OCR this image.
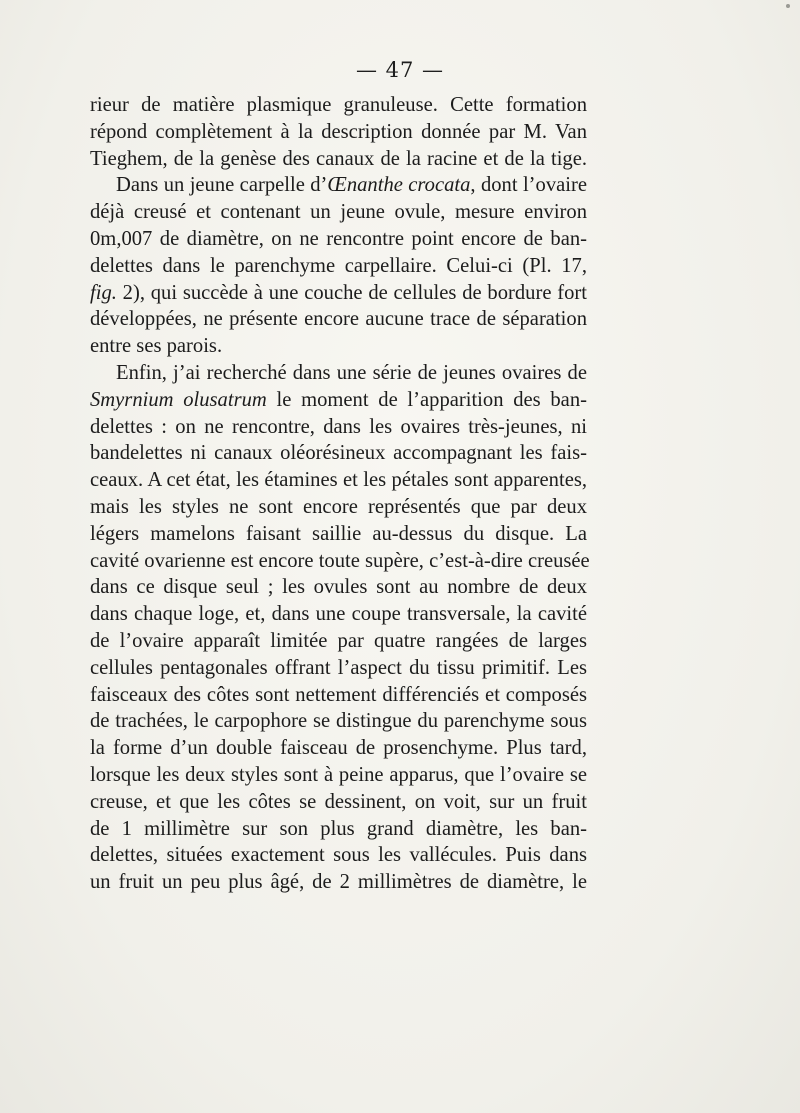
— 47 —
rieur de matière plasmique granuleuse. Cette formation
répond complètement à la description donnée par M. Van
Tieghem, de la genèse des canaux de la racine et de la tige.
Dans un jeune carpelle d’Œnanthe crocata, dont l’ovaire
déjà creusé et contenant un jeune ovule, mesure environ
0m,007 de diamètre, on ne rencontre point encore de ban-
delettes dans le parenchyme carpellaire. Celui-ci (Pl. 17,
fig. 2), qui succède à une couche de cellules de bordure fort
développées, ne présente encore aucune trace de séparation
entre ses parois.
Enfin, j’ai recherché dans une série de jeunes ovaires de
Smyrnium olusatrum le moment de l’apparition des ban-
delettes : on ne rencontre, dans les ovaires très-jeunes, ni
bandelettes ni canaux oléorésineux accompagnant les fais-
ceaux. A cet état, les étamines et les pétales sont apparentes,
mais les styles ne sont encore représentés que par deux
légers mamelons faisant saillie au-dessus du disque. La
cavité ovarienne est encore toute supère, c’est-à-dire creusée
dans ce disque seul ; les ovules sont au nombre de deux
dans chaque loge, et, dans une coupe transversale, la cavité
de l’ovaire apparaît limitée par quatre rangées de larges
cellules pentagonales offrant l’aspect du tissu primitif. Les
faisceaux des côtes sont nettement différenciés et composés
de trachées, le carpophore se distingue du parenchyme sous
la forme d’un double faisceau de prosenchyme. Plus tard,
lorsque les deux styles sont à peine apparus, que l’ovaire se
creuse, et que les côtes se dessinent, on voit, sur un fruit
de 1 millimètre sur son plus grand diamètre, les ban-
delettes, situées exactement sous les vallécules. Puis dans
un fruit un peu plus âgé, de 2 millimètres de diamètre, le
